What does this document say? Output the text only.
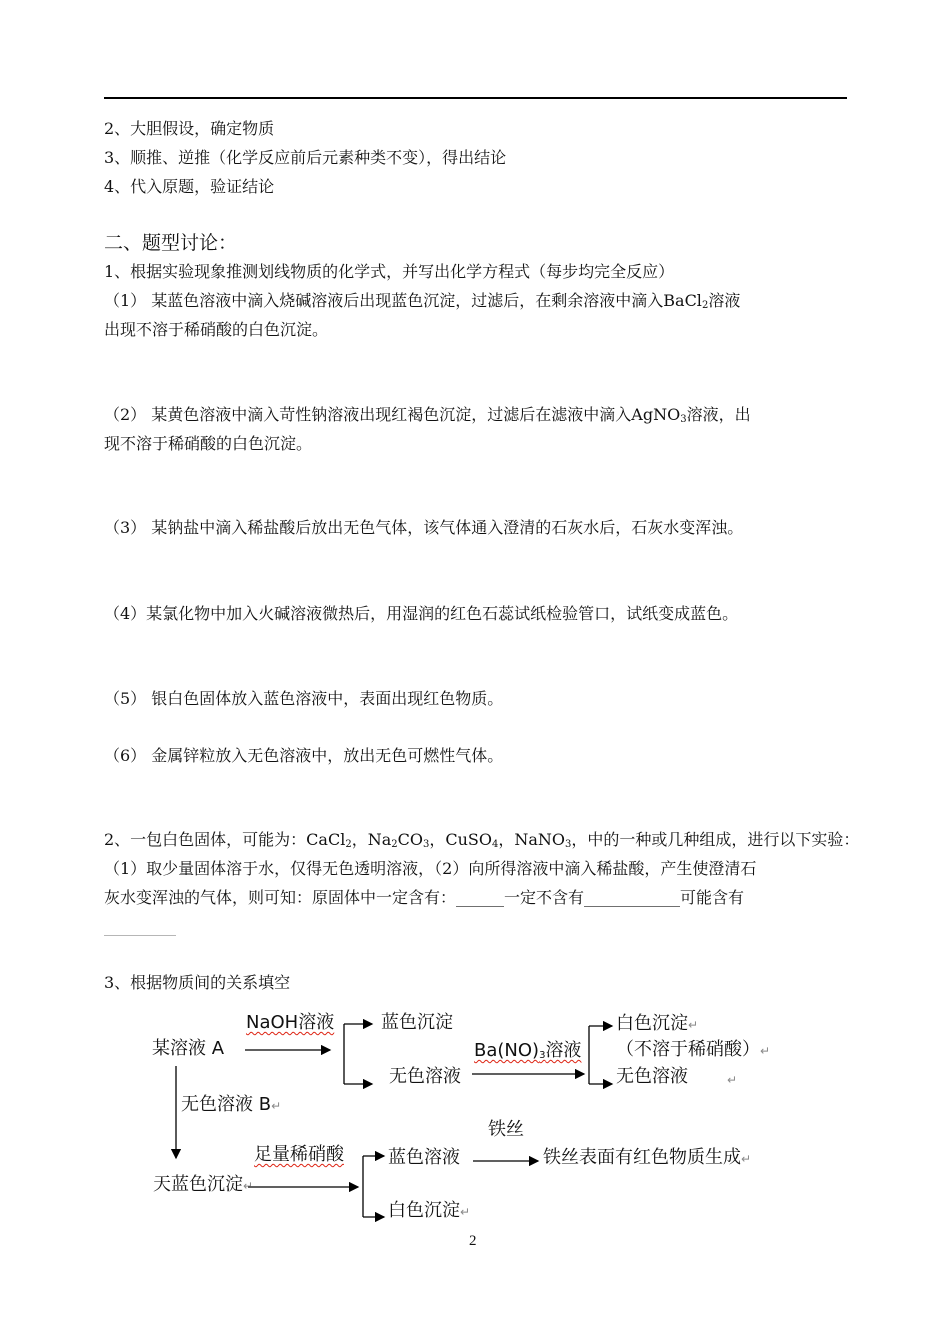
2、大胆假设，确定物质
3、顺推、逆推（化学反应前后元素种类不变），得出结论
4、代入原题，验证结论
二、题型讨论：
1、根据实验现象推测划线物质的化学式，并写出化学方程式（每步均完全反应）
（1） 某蓝色溶液中滴入烧碱溶液后出现蓝色沉淀，过滤后，在剩余溶液中滴入BaCl$_2$溶液
出现不溶于稀硝酸的白色沉淀。
（2） 某黄色溶液中滴入苛性钠溶液出现红褐色沉淀，过滤后在滤液中滴入AgNO$_3$溶液，出
现不溶于稀硝酸的白色沉淀。
（3） 某钠盐中滴入稀盐酸后放出无色气体，该气体通入澄清的石灰水后，石灰水变浑浊。
（4）某氯化物中加入火碱溶液微热后，用湿润的红色石蕊试纸检验管口，试纸变成蓝色。
（5） 银白色固体放入蓝色溶液中，表面出现红色物质。
（6） 金属锌粒放入无色溶液中，放出无色可燃性气体。
2、一包白色固体，可能为：CaCl$_2$，$Na_2CO_3$，CuSO$_4$，NaNO$_3$，中的一种或几种组成，进行以下实验：
（1）取少量固体溶于水，仅得无色透明溶液，（2）向所得溶液中滴入稀盐酸，产生使澄清石
灰水变浑浊的气体，则可知：原固体中一定含有：______一定不含有____________可能含有
_________
3、根据物质间的关系填空
某溶液 A
NaOH溶液	蓝色沉淀
无色溶液
$Ba(NO)_3$溶液
白色沉淀↵
（不溶于稀硝酸）↵
无色溶液	↵
无色溶液 B↵
足量稀硝酸 蓝色溶液
铁丝
铁丝表面有红色物质生成↵
天蓝色沉淀↵
白色沉淀↵
2
